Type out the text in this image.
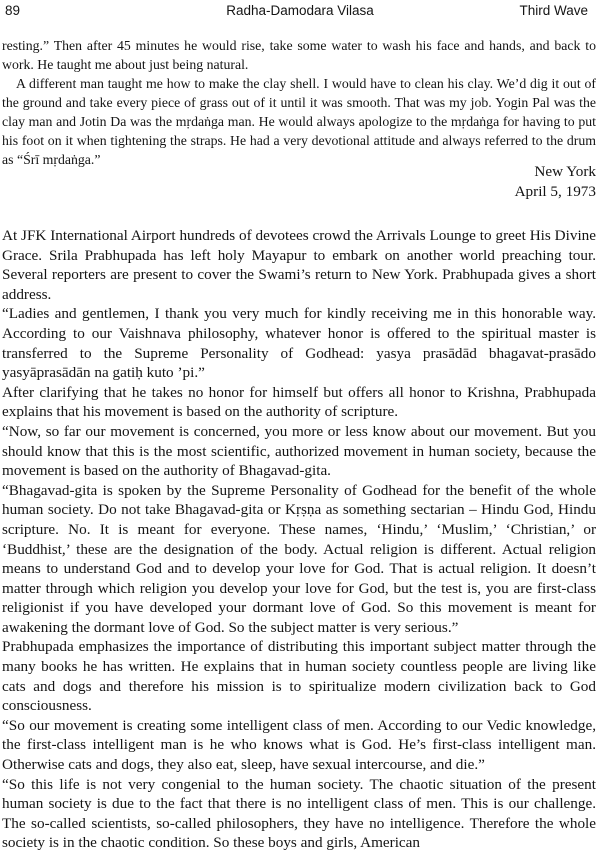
89	Radha-Damodara Vilasa	Third Wave

resting.” Then after 45 minutes he would rise, take some water to wash his face and hands, and back to work. He taught me about just being natural.

A different man taught me how to make the clay shell. I would have to clean his clay. We’d dig it out of the ground and take every piece of grass out of it until it was smooth. That was my job. Yogin Pal was the clay man and Jotin Da was the mṛdaṅga man. He would always apologize to the mṛdaṅga for having to put his foot on it when tightening the straps. He had a very devotional attitude and always referred to the drum as “Śrī mṛdaṅga.”

New York
April 5, 1973

At JFK International Airport hundreds of devotees crowd the Arrivals Lounge to greet His Divine Grace. Srila Prabhupada has left holy Mayapur to embark on another world preaching tour. Several reporters are present to cover the Swami’s return to New York. Prabhupada gives a short address.

“Ladies and gentlemen, I thank you very much for kindly receiving me in this honorable way. According to our Vaishnava philosophy, whatever honor is offered to the spiritual master is transferred to the Supreme Personality of Godhead: yasya prasādād bhagavat-prasādo yasyāprasādān na gatiḥ kuto ’pi.”

After clarifying that he takes no honor for himself but offers all honor to Krishna, Prabhupada explains that his movement is based on the authority of scripture.

“Now, so far our movement is concerned, you more or less know about our movement. But you should know that this is the most scientific, authorized movement in human society, because the movement is based on the authority of Bhagavad-gita.

“Bhagavad-gita is spoken by the Supreme Personality of Godhead for the benefit of the whole human society. Do not take Bhagavad-gita or Kṛṣṇa as something sectarian – Hindu God, Hindu scripture. No. It is meant for everyone. These names, ‘Hindu,’ ‘Muslim,’ ‘Christian,’ or ‘Buddhist,’ these are the designation of the body. Actual religion is different. Actual religion means to understand God and to develop your love for God. That is actual religion. It doesn’t matter through which religion you develop your love for God, but the test is, you are first-class religionist if you have developed your dormant love of God. So this movement is meant for awakening the dormant love of God. So the subject matter is very serious.”

Prabhupada emphasizes the importance of distributing this important subject matter through the many books he has written. He explains that in human society countless people are living like cats and dogs and therefore his mission is to spiritualize modern civilization back to God consciousness.

“So our movement is creating some intelligent class of men. According to our Vedic knowledge, the first-class intelligent man is he who knows what is God. He’s first-class intelligent man. Otherwise cats and dogs, they also eat, sleep, have sexual intercourse, and die.”

“So this life is not very congenial to the human society. The chaotic situation of the present human society is due to the fact that there is no intelligent class of men. This is our challenge. The so-called scientists, so-called philosophers, they have no intelligence. Therefore the whole society is in the chaotic condition. So these boys and girls, American
